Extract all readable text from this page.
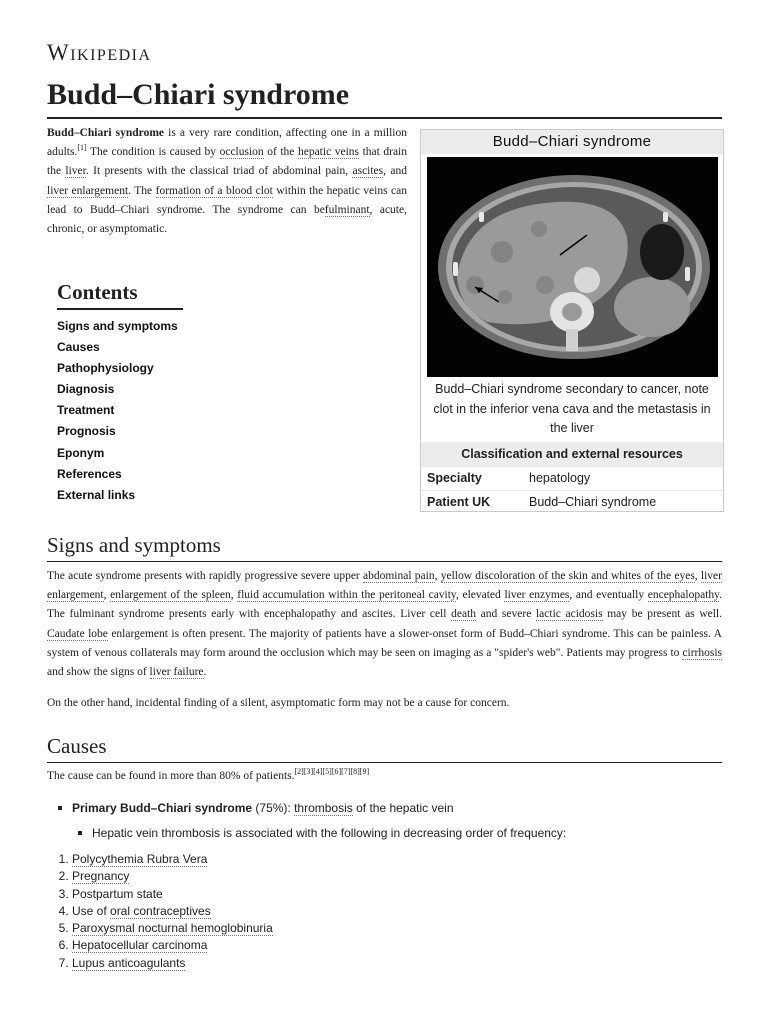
Wikipedia
Budd–Chiari syndrome

Budd–Chiari syndrome is a very rare condition, affecting one in a million adults.[1] The condition is caused by occlusion of the hepatic veins that drain the liver. It presents with the classical triad of abdominal pain, ascites, and liver enlargement. The formation of a blood clot within the hepatic veins can lead to Budd–Chiari syndrome. The syndrome can befulminant, acute, chronic, or asymptomatic.

Budd–Chiari syndrome
Budd–Chiari syndrome secondary to cancer, note clot in the inferior vena cava and the metastasis in the liver
Classification and external resources
Specialty	hepatology
Patient UK	Budd–Chiari syndrome
Contents
Signs and symptoms
Causes
Pathophysiology
Diagnosis
Treatment
Prognosis
Eponym
References
External links
Signs and symptoms

The acute syndrome presents with rapidly progressive severe upper abdominal pain, yellow discoloration of the skin and whites of the eyes, liver enlargement, enlargement of the spleen, fluid accumulation within the peritoneal cavity, elevated liver enzymes, and eventually encephalopathy. The fulminant syndrome presents early with encephalopathy and ascites. Liver cell death and severe lactic acidosis may be present as well. Caudate lobe enlargement is often present. The majority of patients have a slower-onset form of Budd–Chiari syndrome. This can be painless. A system of venous collaterals may form around the occlusion which may be seen on imaging as a "spider's web". Patients may progress to cirrhosis and show the signs of liver failure.

On the other hand, incidental finding of a silent, asymptomatic form may not be a cause for concern.

Causes

The cause can be found in more than 80% of patients.[2][3][4][5][6][7][8][9]

Primary Budd–Chiari syndrome (75%): thrombosis of the hepatic vein
Hepatic vein thrombosis is associated with the following in decreasing order of frequency:
1. Polycythemia Rubra Vera
2. Pregnancy
3. Postpartum state
4. Use of oral contraceptives
5. Paroxysmal nocturnal hemoglobinuria
6. Hepatocellular carcinoma
7. Lupus anticoagulants
